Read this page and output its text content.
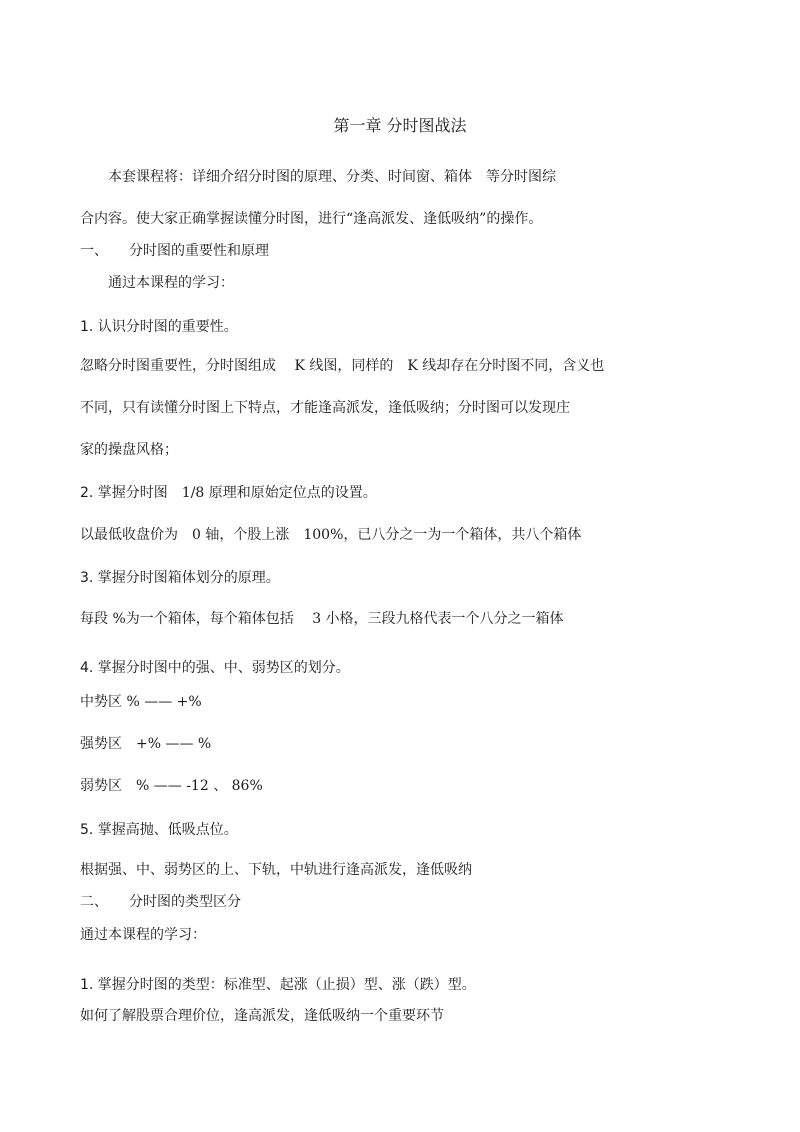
第一章 分时图战法
　　本套课程将：详细介绍分时图的原理、分类、时间窗、箱体　等分时图综
合内容。使大家正确掌握读懂分时图，进行“逢高派发、逢低吸纳”的操作。
一、　　分时图的重要性和原理
　　通过本课程的学习：
1. 认识分时图的重要性。
忽略分时图重要性，分时图组成　 K 线图，同样的　K 线却存在分时图不同，含义也
不同，只有读懂分时图上下特点，才能逢高派发，逢低吸纳；分时图可以发现庄
家的操盘风格；
2. 掌握分时图　1/8 原理和原始定位点的设置。
以最低收盘价为　0 轴，个股上涨　100%，已八分之一为一个箱体，共八个箱体
3. 掌握分时图箱体划分的原理。
每段 %为一个箱体，每个箱体包括　 3 小格，三段九格代表一个八分之一箱体
4. 掌握分时图中的强、中、弱势区的划分。
中势区 % —— +%
强势区　+% —— %
弱势区　% —— -12 、 86%
5. 掌握高抛、低吸点位。
根据强、中、弱势区的上、下轨，中轨进行逢高派发，逢低吸纳
二、　　分时图的类型区分
通过本课程的学习：
1. 掌握分时图的类型：标准型、起涨（止损）型、涨（跌）型。
如何了解股票合理价位，逢高派发，逢低吸纳一个重要环节
